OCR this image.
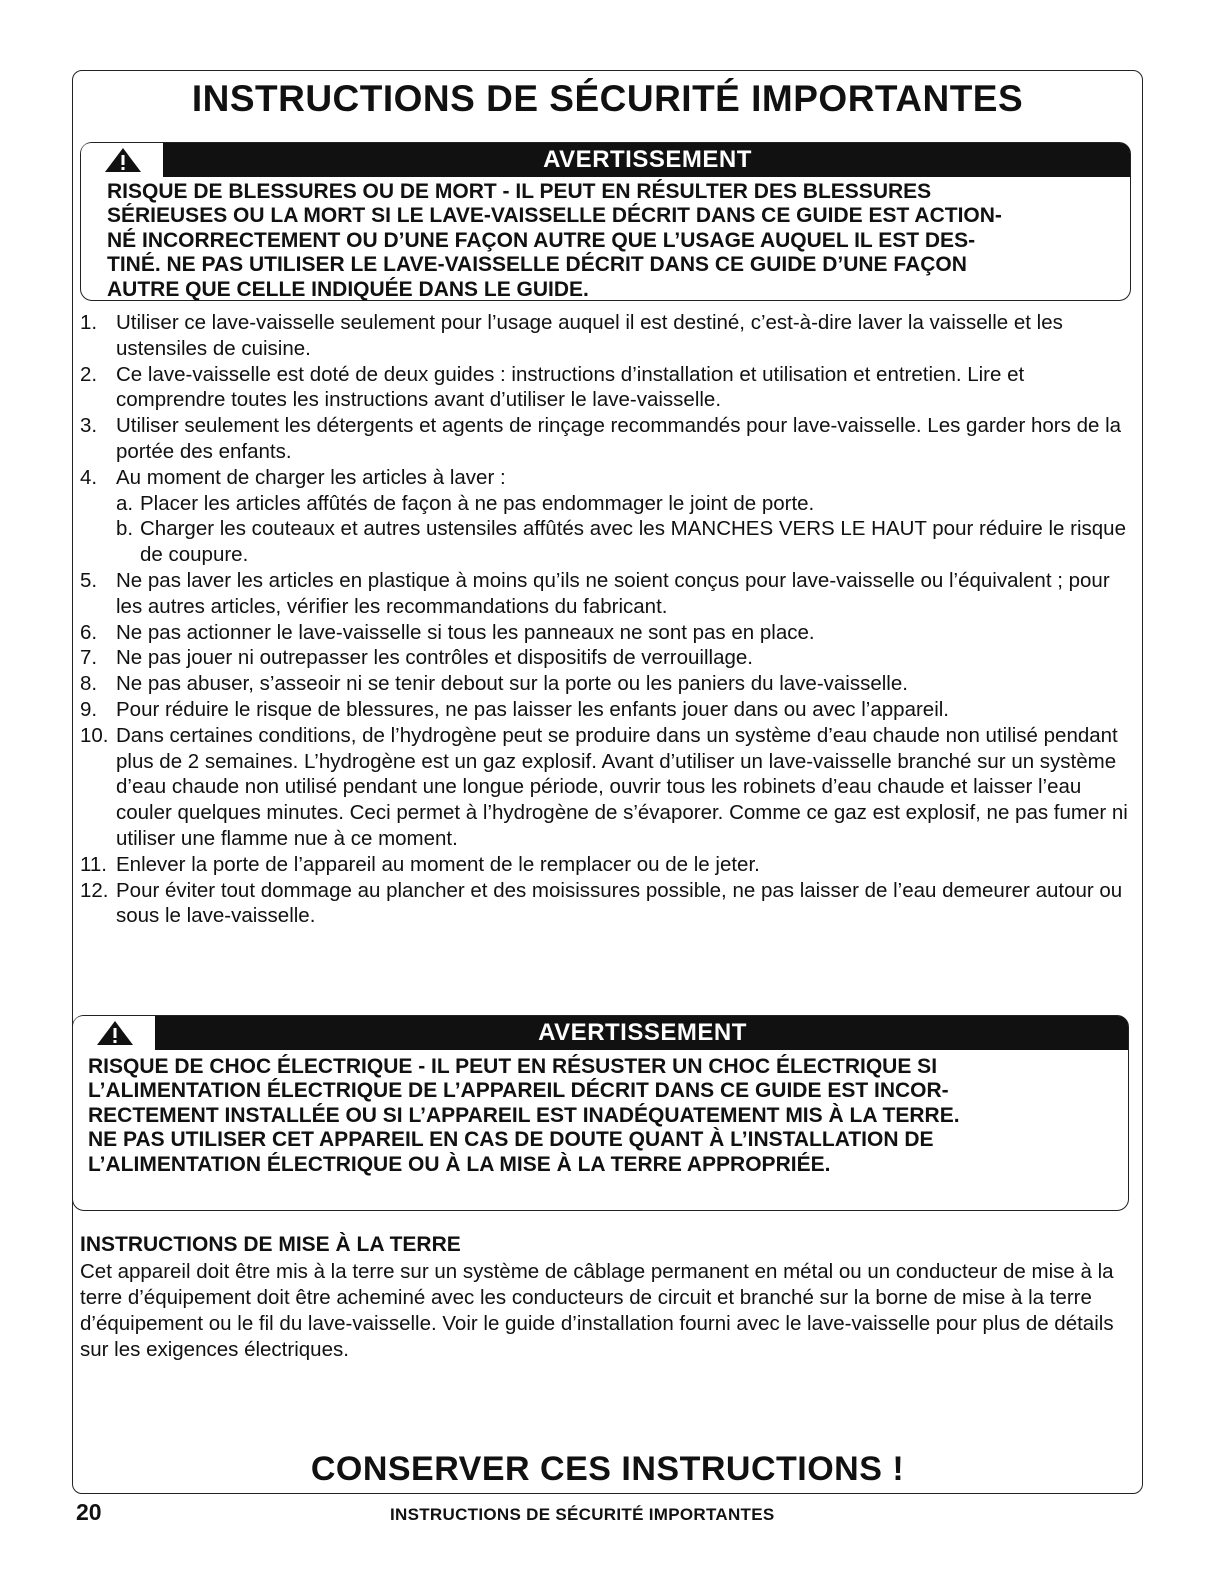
INSTRUCTIONS DE SÉCURITÉ IMPORTANTES
AVERTISSEMENT
RISQUE DE BLESSURES OU DE MORT - IL PEUT EN RÉSULTER DES BLESSURES
SÉRIEUSES OU LA MORT SI LE LAVE-VAISSELLE DÉCRIT DANS CE GUIDE EST ACTION-
NÉ INCORRECTEMENT OU D’UNE FAÇON AUTRE QUE L’USAGE AUQUEL IL EST DES-
TINÉ. NE PAS UTILISER LE LAVE-VAISSELLE DÉCRIT DANS CE GUIDE D’UNE FAÇON
AUTRE QUE CELLE INDIQUÉE DANS LE GUIDE.
1. Utiliser ce lave-vaisselle seulement pour l’usage auquel il est destiné, c’est-à-dire laver la vaisselle et les ustensiles de cuisine.
2. Ce lave-vaisselle est doté de deux guides : instructions d’installation et utilisation et entretien. Lire et comprendre toutes les instructions avant d’utiliser le lave-vaisselle.
3. Utiliser seulement les détergents et agents de rinçage recommandés pour lave-vaisselle. Les garder hors de la portée des enfants.
4. Au moment de charger les articles à laver :
a. Placer les articles affûtés de façon à ne pas endommager le joint de porte.
b. Charger les couteaux et autres ustensiles affûtés avec les MANCHES VERS LE HAUT pour réduire le risque de coupure.
5. Ne pas laver les articles en plastique à moins qu’ils ne soient conçus pour lave-vaisselle ou l’équivalent ; pour les autres articles, vérifier les recommandations du fabricant.
6. Ne pas actionner le lave-vaisselle si tous les panneaux ne sont pas en place.
7. Ne pas jouer ni outrepasser les contrôles et dispositifs de verrouillage.
8. Ne pas abuser, s’asseoir ni se tenir debout sur la porte ou les paniers du lave-vaisselle.
9. Pour réduire le risque de blessures, ne pas laisser les enfants jouer dans ou avec l’appareil.
10. Dans certaines conditions, de l’hydrogène peut se produire dans un système d’eau chaude non utilisé pendant plus de 2 semaines. L’hydrogène est un gaz explosif. Avant d’utiliser un lave-vaisselle branché sur un système d’eau chaude non utilisé pendant une longue période, ouvrir tous les robinets d’eau chaude et laisser l’eau couler quelques minutes. Ceci permet à l’hydrogène de s’évaporer. Comme ce gaz est explosif, ne pas fumer ni utiliser une flamme nue à ce moment.
11. Enlever la porte de l’appareil au moment de le remplacer ou de le jeter.
12. Pour éviter tout dommage au plancher et des moisissures possible, ne pas laisser de l’eau demeurer autour ou sous le lave-vaisselle.
AVERTISSEMENT
RISQUE DE CHOC ÉLECTRIQUE - IL PEUT EN RÉSUSTER UN CHOC ÉLECTRIQUE SI
L’ALIMENTATION ÉLECTRIQUE DE L’APPAREIL DÉCRIT DANS CE GUIDE EST INCOR-
RECTEMENT INSTALLÉE OU SI L’APPAREIL EST INADÉQUATEMENT MIS À LA TERRE.
NE PAS UTILISER CET APPAREIL EN CAS DE DOUTE QUANT À L’INSTALLATION DE
L’ALIMENTATION ÉLECTRIQUE OU À LA MISE À LA TERRE APPROPRIÉE.
INSTRUCTIONS DE MISE À LA TERRE

Cet appareil doit être mis à la terre sur un système de câblage permanent en métal ou un conducteur de mise à la terre d’équipement doit être acheminé avec les conducteurs de circuit et branché sur la borne de mise à la terre d’équipement ou le fil du lave-vaisselle. Voir le guide d’installation fourni avec le lave-vaisselle pour plus de détails sur les exigences électriques.

CONSERVER CES INSTRUCTIONS !
20	INSTRUCTIONS DE SÉCURITÉ IMPORTANTES
